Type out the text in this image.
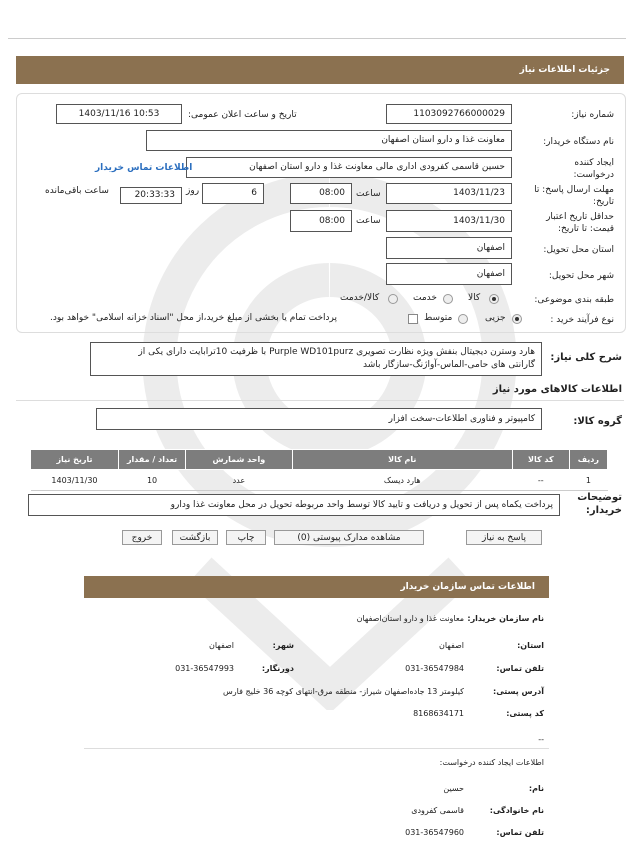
جزئیات اطلاعات نیاز
شماره نیاز:
1103092766000029
تاریخ و ساعت اعلان عمومی:
1403/11/16 10:53
نام دستگاه خریدار:
معاونت غذا و دارو استان اصفهان
ایجاد کننده
درخواست:
حسین قاسمی کفرودی اداری مالی معاونت غذا و دارو استان اصفهان
اطلاعات تماس خریدار
مهلت ارسال پاسخ: تا
تاریخ:
1403/11/23
ساعت
08:00
6
روز
20:33:33
ساعت باقی‌مانده
حداقل تاریخ اعتبار
قیمت: تا تاریخ:
1403/11/30
ساعت
08:00
استان محل تحویل:
اصفهان
شهر محل تحویل:
اصفهان
طبقه بندی موضوعی:
کالا
خدمت
کالا/خدمت
نوع فرآیند خرید :
جزیی
متوسط
پرداخت تمام یا بخشی از مبلغ خرید،از محل "اسناد خزانه اسلامی" خواهد بود.
شرح کلی نیاز:
هارد وسترن دیجیتال بنفش ویژه نظارت تصویری Purple WD101purz با ظرفیت 10ترابایت دارای یکی از
گارانتی های حامی-الماس-آواژنگ-سازگار باشد
اطلاعات کالاهای مورد نیاز
گروه کالا:
کامپیوتر و فناوری اطلاعات-سخت افزار
ردیف	کد کالا	نام کالا	واحد شمارش	تعداد / مقدار	تاریخ نیاز
1	--	هارد دیسک	عدد	10	1403/11/30
توضیحات
خریدار:
پرداخت یکماه پس از تحویل و دریافت و تایید کالا توسط واحد مربوطه تحویل در محل معاونت غذا ودارو
پاسخ به نیاز
مشاهده مدارک پیوستی (0)
چاپ
بازگشت
خروج
اطلاعات تماس سازمان خریدار
نام سازمان خریدار:
معاونت غذا و دارو استان‌اصفهان
استان:
اصفهان
شهر:
اصفهان
تلفن تماس:
031-36547984
دورنگار:
031-36547993
آدرس پستی:
کیلومتر 13 جاده‌اصفهان شیراز- منطقه مرق-انتهای کوچه 36 خلیج فارس
کد پستی:
8168634171
--
اطلاعات ایجاد کننده درخواست:
نام:
حسین
نام خانوادگی:
قاسمی کفرودی
تلفن تماس:
031-36547960
